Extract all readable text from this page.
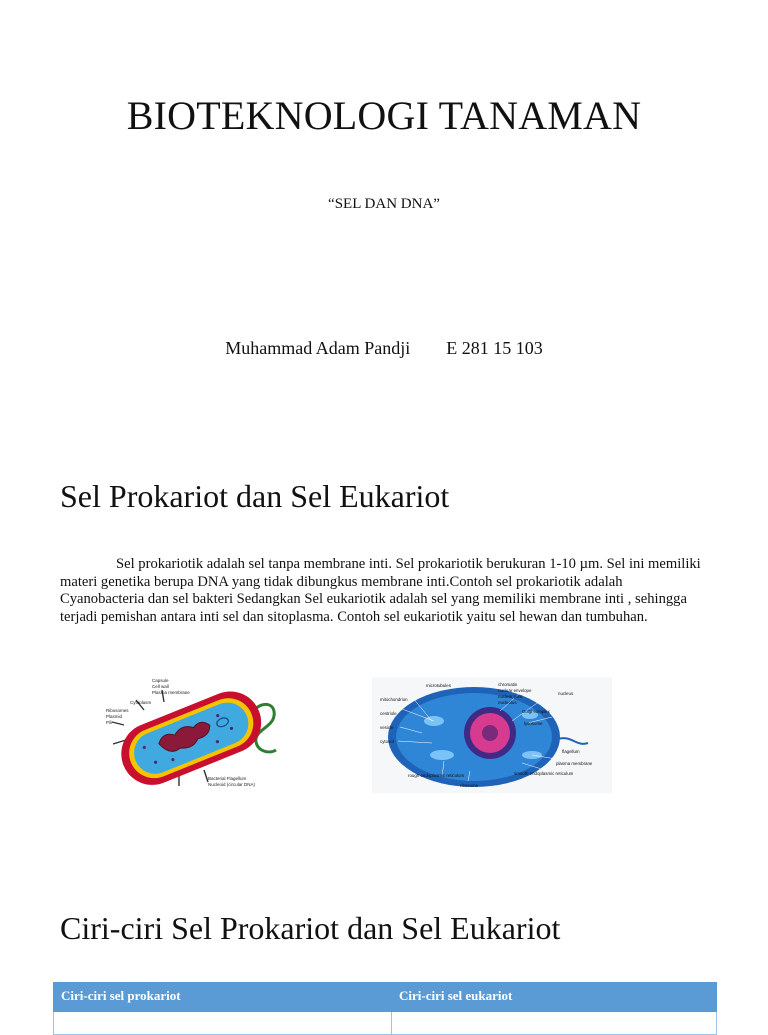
BIOTEKNOLOGI TANAMAN
“SEL DAN DNA”
Muhammad Adam Pandji E 281 15 103
Sel Prokariot dan Sel Eukariot
Sel prokariotik adalah sel tanpa membrane inti. Sel prokariotik berukuran 1-10 µm. Sel ini memiliki materi genetika berupa DNA yang tidak dibungkus membrane inti.Contoh sel prokariotik adalah Cyanobacteria dan sel bakteri Sedangkan Sel eukariotik adalah sel yang memiliki membrane inti , sehingga terjadi pemishan antara inti sel dan sitoplasma. Contoh sel eukariotik yaitu sel hewan dan tumbuhan.
Capsule
Cell wall
Plasma membrane
Cytoplasm
Ribosomes
Plasmid
Pili
Bacterial Flagellum
Nucleoid (circular DNA)
microtubules
mitochondrion
centriole
vesicle
cytosol
chromatin
nuclear envelope
nuclear pore
nucleolus
nucleus
Golgi complex
lysosome
flagellum
plasma membrane
smooth endoplasmic reticulum
rough endoplasmic reticulum
ribosome
Ciri-ciri Sel Prokariot dan Sel Eukariot
Ciri-ciri sel prokariot	Ciri-ciri sel eukariot
